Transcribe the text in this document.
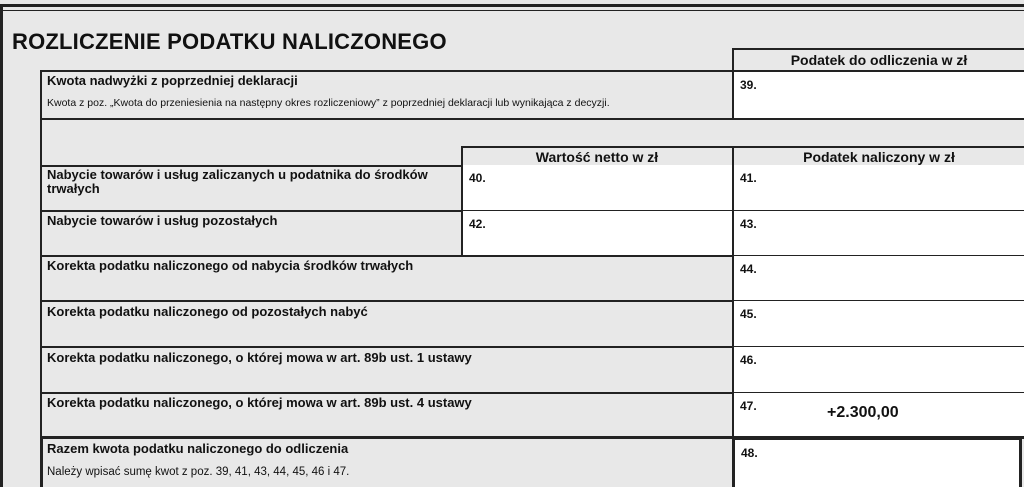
ROZLICZENIE PODATKU NALICZONEGO
Podatek do odliczenia w zł
Kwota nadwyżki z poprzedniej deklaracji
Kwota z poz. „Kwota do przeniesienia na następny okres rozliczeniowy” z poprzedniej deklaracji lub wynikająca z decyzji.
39.
Wartość netto w zł	Podatek naliczony w zł
Nabycie towarów i usług zaliczanych u podatnika do środków trwałych
40.	41.
Nabycie towarów i usług pozostałych	42.	43.
Korekta podatku naliczonego od nabycia środków trwałych	44.
Korekta podatku naliczonego od pozostałych nabyć	45.
Korekta podatku naliczonego, o której mowa w art. 89b ust. 1 ustawy	46.
Korekta podatku naliczonego, o której mowa w art. 89b ust. 4 ustawy	47.	+2.300,00
Razem kwota podatku naliczonego do odliczenia
Należy wpisać sumę kwot z poz. 39, 41, 43, 44, 45, 46 i 47.
48.
